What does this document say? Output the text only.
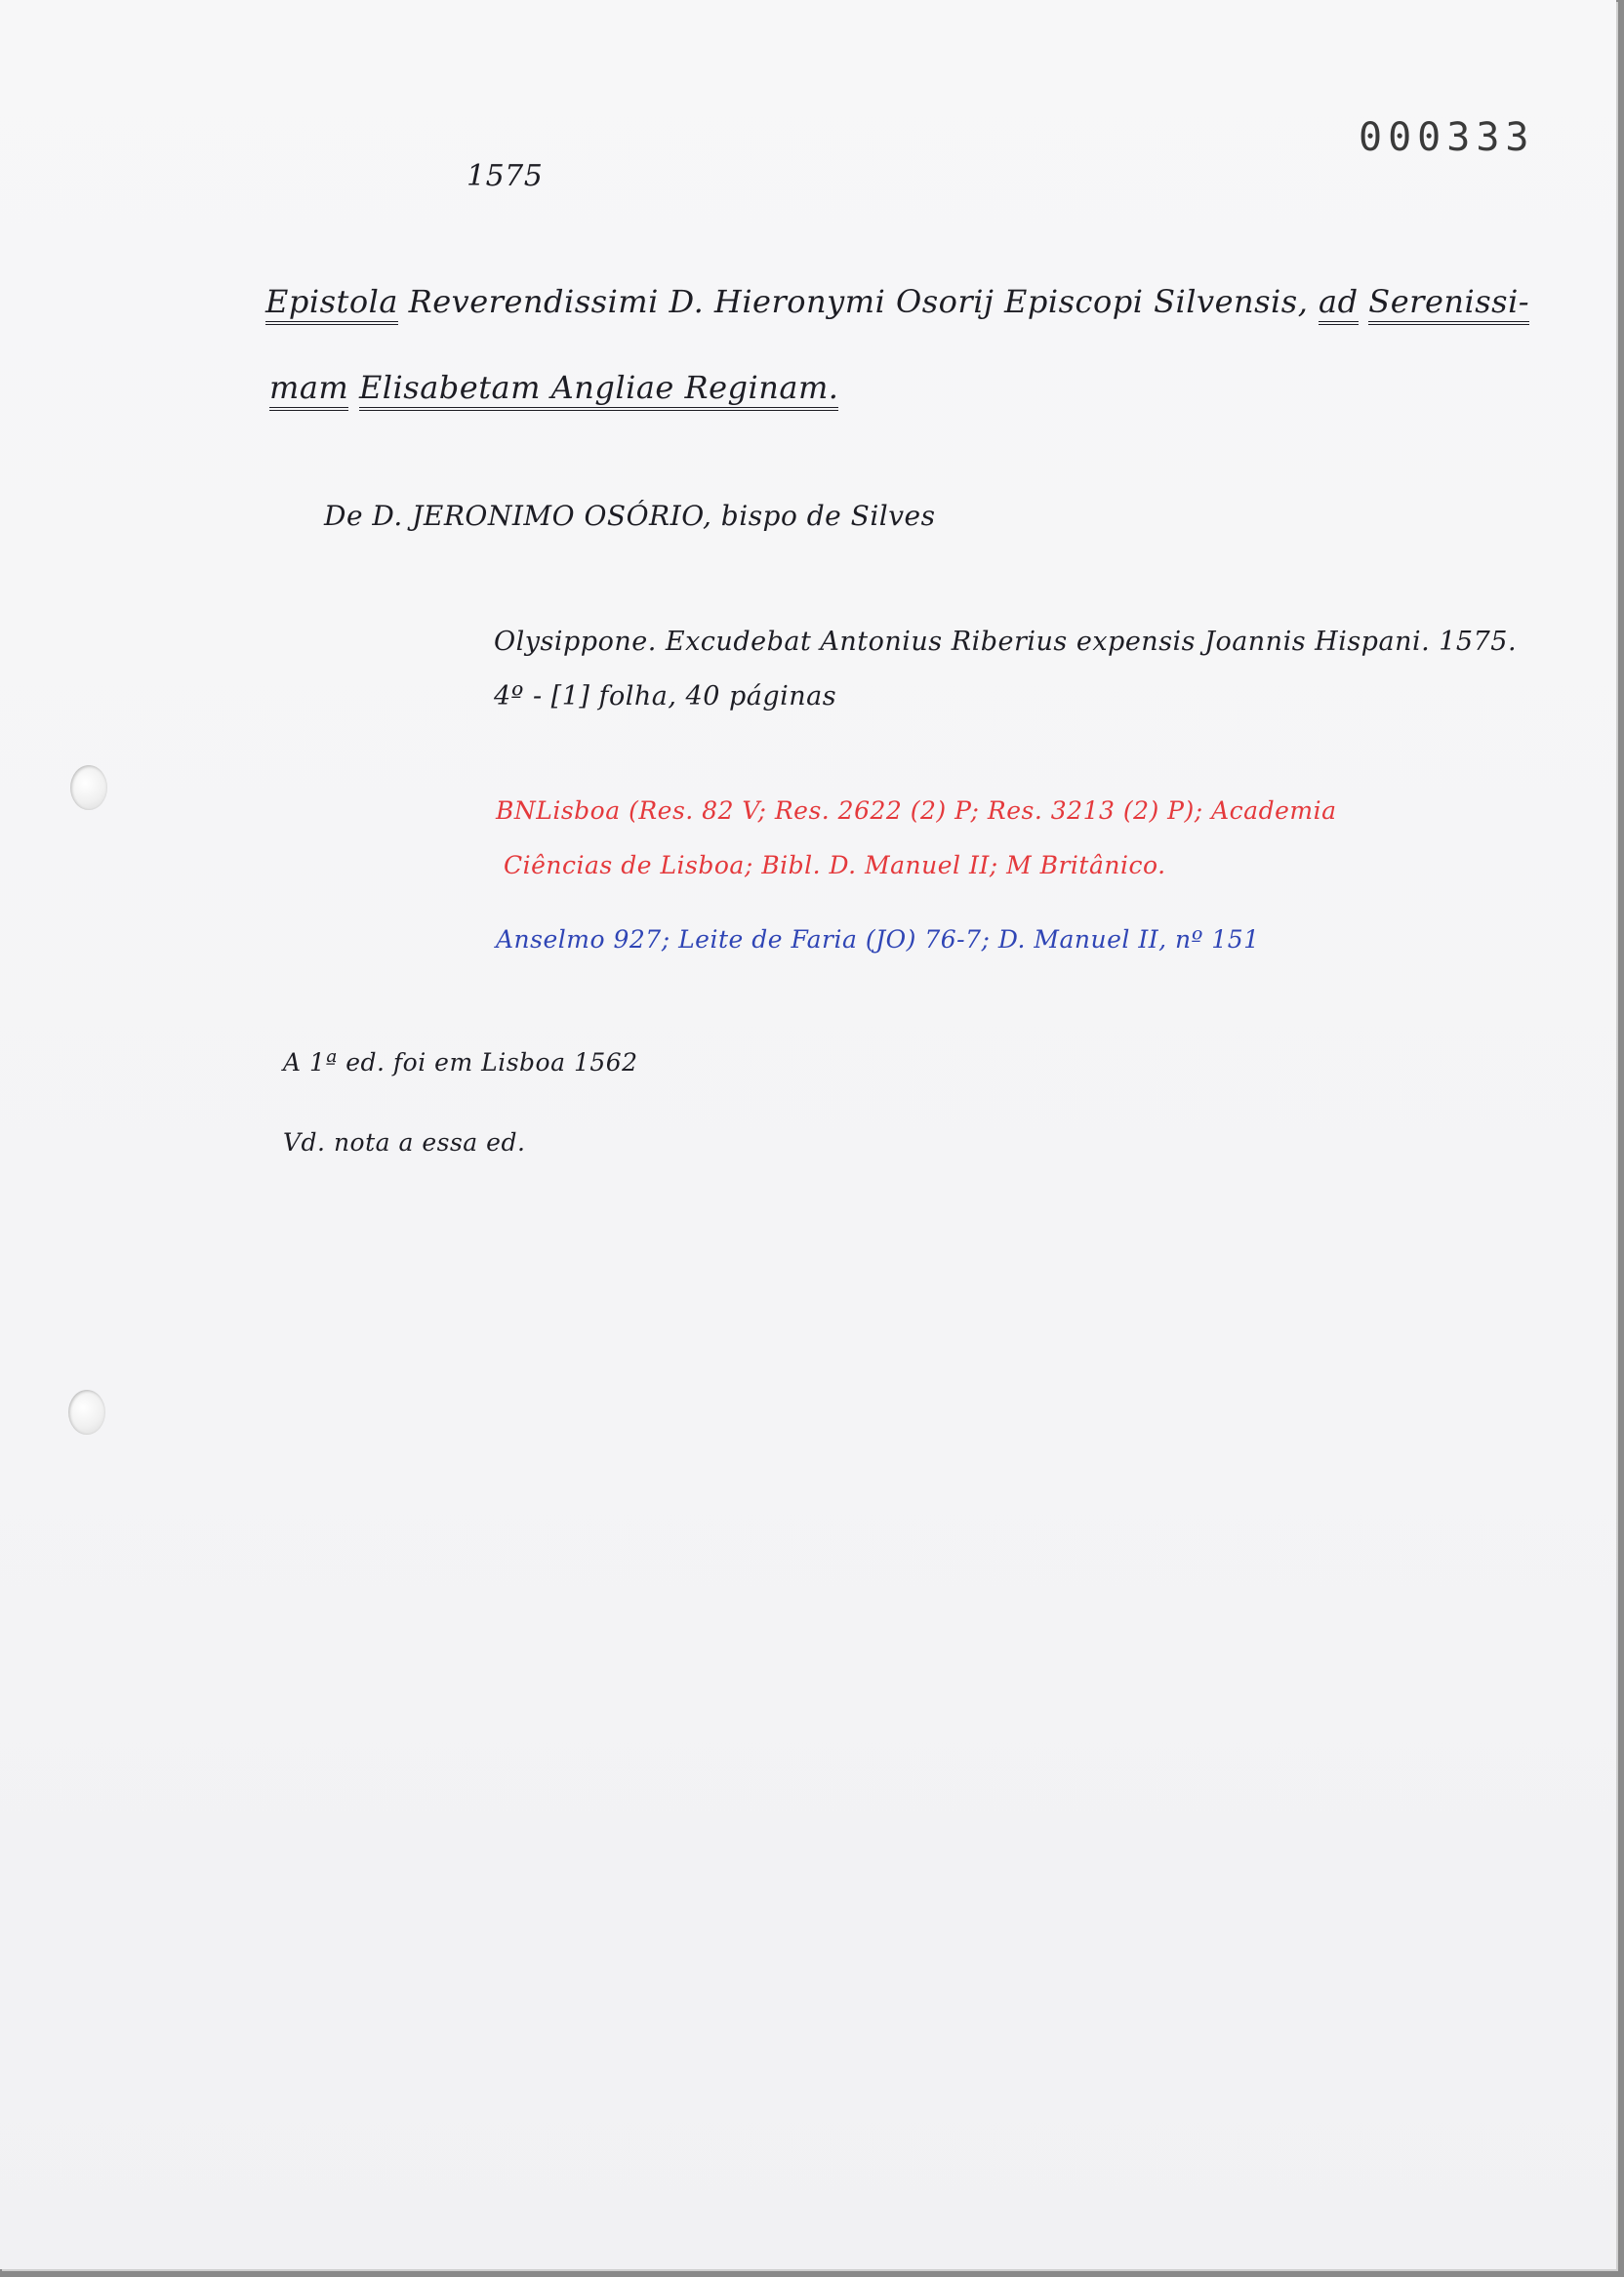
000333
1575
Epistola Reverendissimi D. Hieronymi Osorij Episcopi Silvensis, ad Serenissi-
mam Elisabetam Angliae Reginam.
De D. JERONIMO OSÓRIO, bispo de Silves
Olysippone. Excudebat Antonius Riberius expensis Joannis Hispani. 1575.
4º - [1] folha, 40 páginas
BNLisboa (Res. 82 V; Res. 2622 (2) P; Res. 3213 (2) P); Academia
Ciências de Lisboa; Bibl. D. Manuel II; M Britânico.
Anselmo 927; Leite de Faria (JO) 76-7; D. Manuel II, nº 151
A 1ª ed. foi em Lisboa 1562
Vd. nota a essa ed.
